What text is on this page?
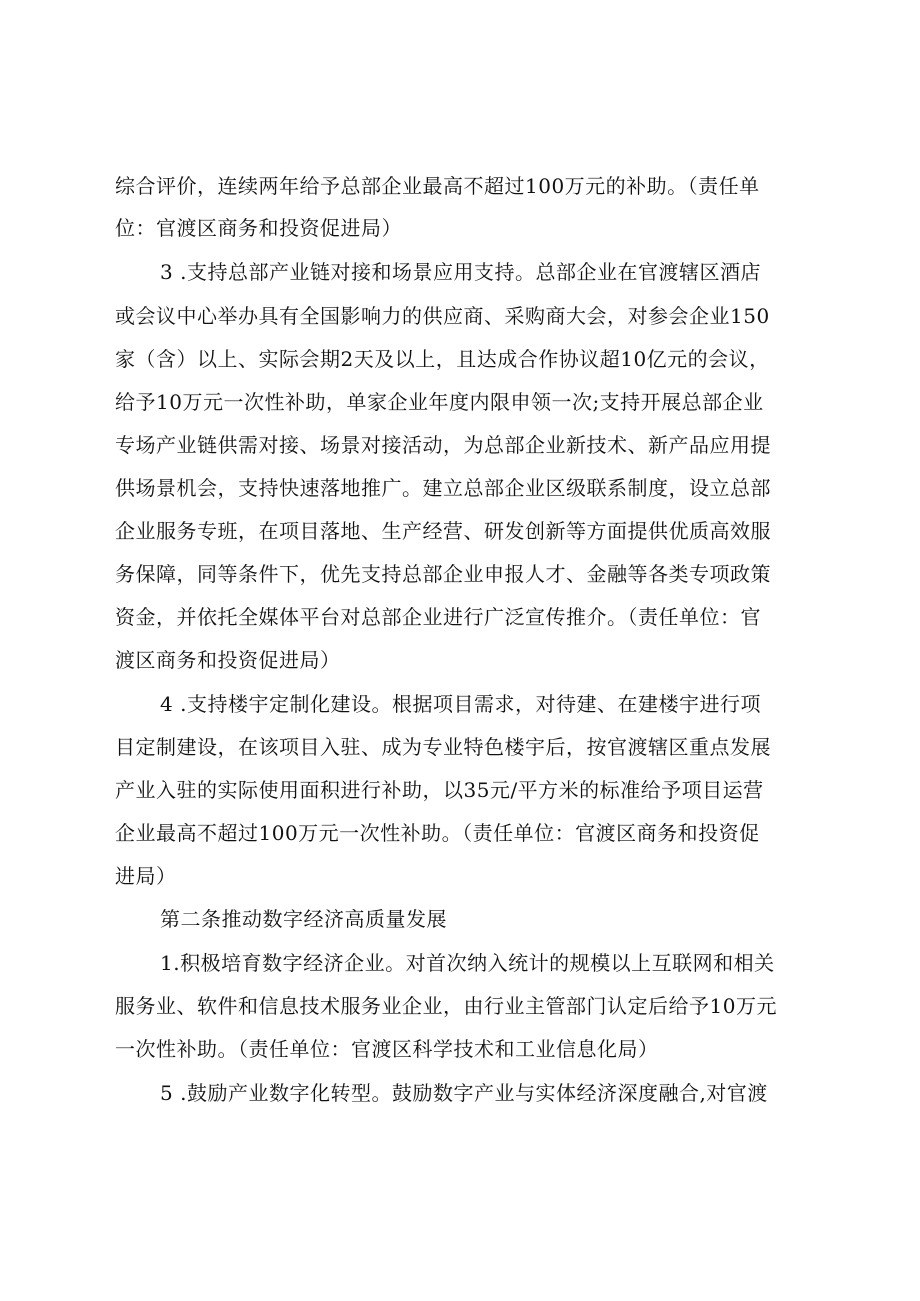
综合评价，连续两年给予总部企业最高不超过100万元的补助。（责任单
位：官渡区商务和投资促进局）
3 .支持总部产业链对接和场景应用支持。总部企业在官渡辖区酒店
或会议中心举办具有全国影响力的供应商、采购商大会，对参会企业150
家（含）以上、实际会期2天及以上，且达成合作协议超10亿元的会议，
给予10万元一次性补助，单家企业年度内限申领一次;支持开展总部企业
专场产业链供需对接、场景对接活动，为总部企业新技术、新产品应用提
供场景机会，支持快速落地推广。建立总部企业区级联系制度，设立总部
企业服务专班，在项目落地、生产经营、研发创新等方面提供优质高效服
务保障，同等条件下，优先支持总部企业申报人才、金融等各类专项政策
资金，并依托全媒体平台对总部企业进行广泛宣传推介。（责任单位：官
渡区商务和投资促进局）
4 .支持楼宇定制化建设。根据项目需求，对待建、在建楼宇进行项
目定制建设，在该项目入驻、成为专业特色楼宇后，按官渡辖区重点发展
产业入驻的实际使用面积进行补助，以35元/平方米的标准给予项目运营
企业最高不超过100万元一次性补助。（责任单位：官渡区商务和投资促
进局）
第二条推动数字经济高质量发展
1.积极培育数字经济企业。对首次纳入统计的规模以上互联网和相关
服务业、软件和信息技术服务业企业，由行业主管部门认定后给予10万元
一次性补助。（责任单位：官渡区科学技术和工业信息化局）
5 .鼓励产业数字化转型。鼓励数字产业与实体经济深度融合,对官渡
